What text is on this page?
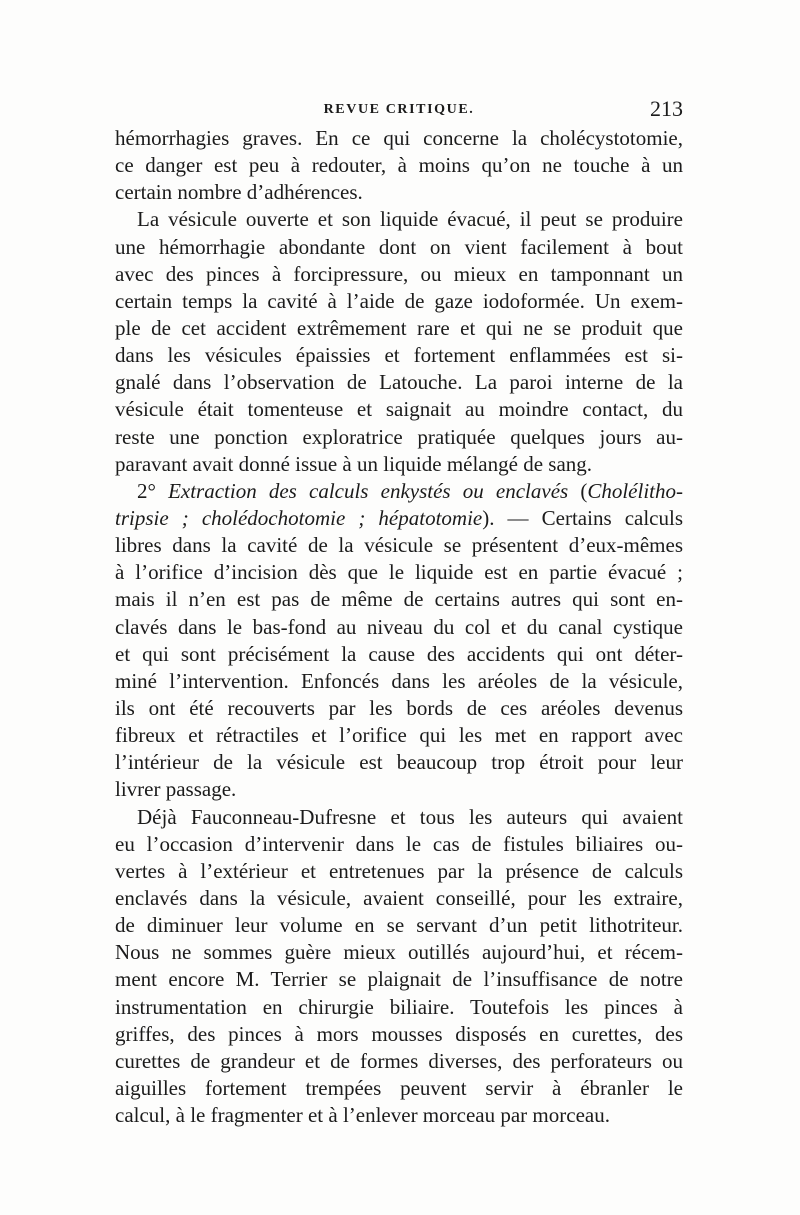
REVUE CRITIQUE.	213
hémorrhagies graves. En ce qui concerne la cholécystotomie,
ce danger est peu à redouter, à moins qu’on ne touche à un
certain nombre d’adhérences.
La vésicule ouverte et son liquide évacué, il peut se produire
une hémorrhagie abondante dont on vient facilement à bout
avec des pinces à forcipressure, ou mieux en tamponnant un
certain temps la cavité à l’aide de gaze iodoformée. Un exem-
ple de cet accident extrêmement rare et qui ne se produit que
dans les vésicules épaissies et fortement enflammées est si-
gnalé dans l’observation de Latouche. La paroi interne de la
vésicule était tomenteuse et saignait au moindre contact, du
reste une ponction exploratrice pratiquée quelques jours au-
paravant avait donné issue à un liquide mélangé de sang.
2° Extraction des calculs enkystés ou enclavés (Cholélitho-
tripsie ; cholédochotomie ; hépatotomie). — Certains calculs
libres dans la cavité de la vésicule se présentent d’eux-mêmes
à l’orifice d’incision dès que le liquide est en partie évacué ;
mais il n’en est pas de même de certains autres qui sont en-
clavés dans le bas-fond au niveau du col et du canal cystique
et qui sont précisément la cause des accidents qui ont déter-
miné l’intervention. Enfoncés dans les aréoles de la vésicule,
ils ont été recouverts par les bords de ces aréoles devenus
fibreux et rétractiles et l’orifice qui les met en rapport avec
l’intérieur de la vésicule est beaucoup trop étroit pour leur
livrer passage.
Déjà Fauconneau-Dufresne et tous les auteurs qui avaient
eu l’occasion d’intervenir dans le cas de fistules biliaires ou-
vertes à l’extérieur et entretenues par la présence de calculs
enclavés dans la vésicule, avaient conseillé, pour les extraire,
de diminuer leur volume en se servant d’un petit lithotriteur.
Nous ne sommes guère mieux outillés aujourd’hui, et récem-
ment encore M. Terrier se plaignait de l’insuffisance de notre
instrumentation en chirurgie biliaire. Toutefois les pinces à
griffes, des pinces à mors mousses disposés en curettes, des
curettes de grandeur et de formes diverses, des perforateurs ou
aiguilles fortement trempées peuvent servir à ébranler le
calcul, à le fragmenter et à l’enlever morceau par morceau.
